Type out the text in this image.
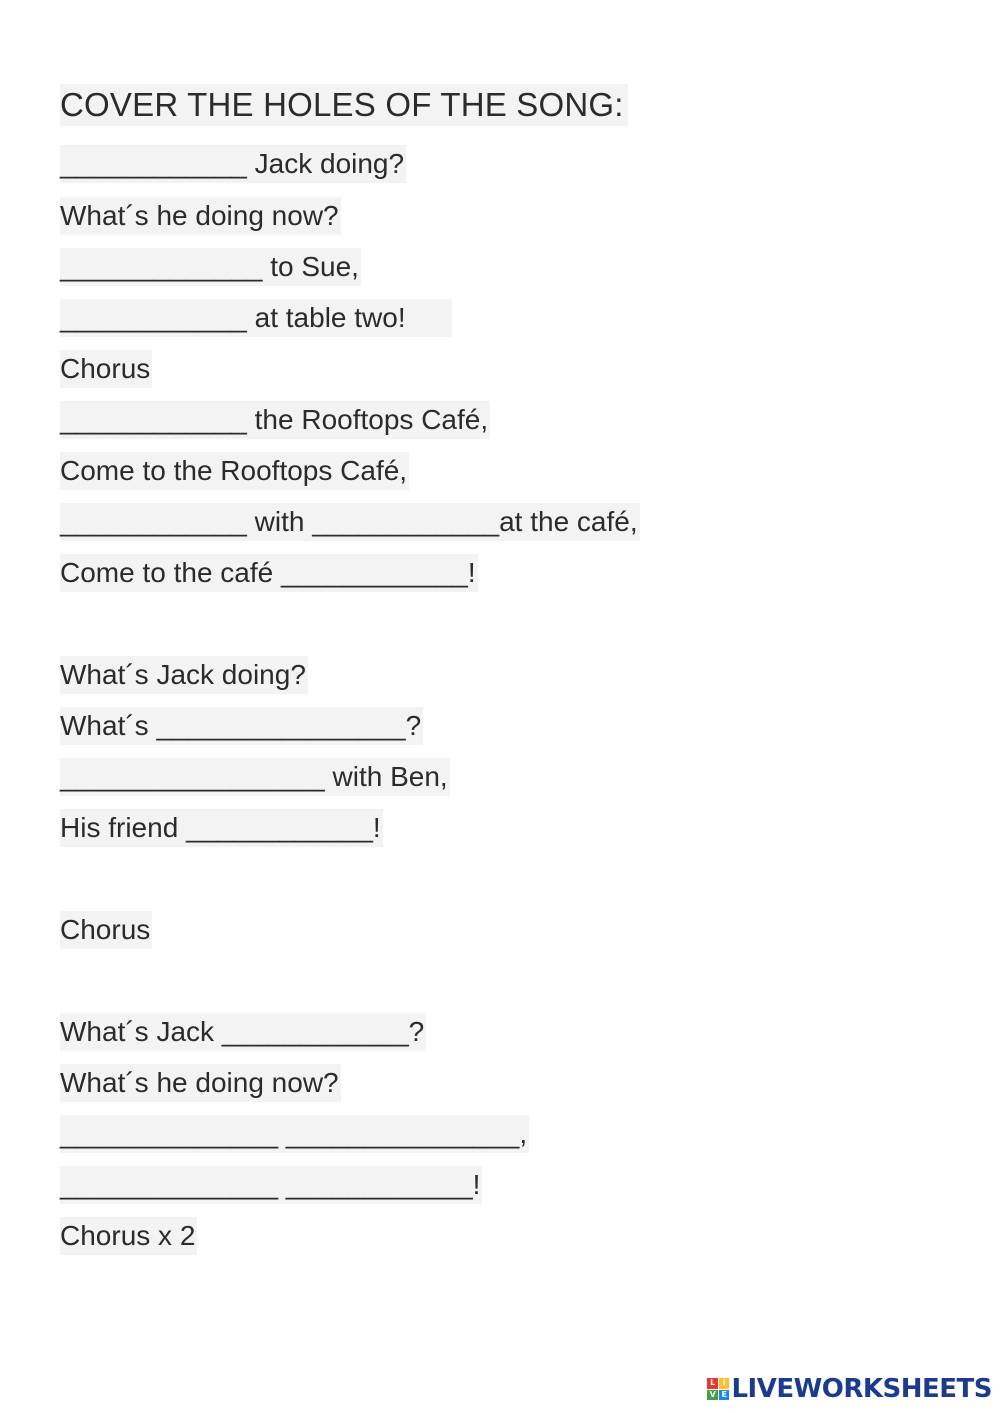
COVER THE HOLES OF THE SONG:
____________ Jack doing?
What´s he doing now?
_____________ to Sue,
____________ at table two!
Chorus
____________ the Rooftops Café,
Come to the Rooftops Café,
____________ with ____________at the café,
Come to the café ____________!
What´s Jack doing?
What´s ________________?
_________________ with Ben,
His friend ____________!
Chorus
What´s Jack ____________?
What´s he doing now?
______________ _______________,
______________ ____________!
Chorus x 2
L I
V E LIVEWORKSHEETS
